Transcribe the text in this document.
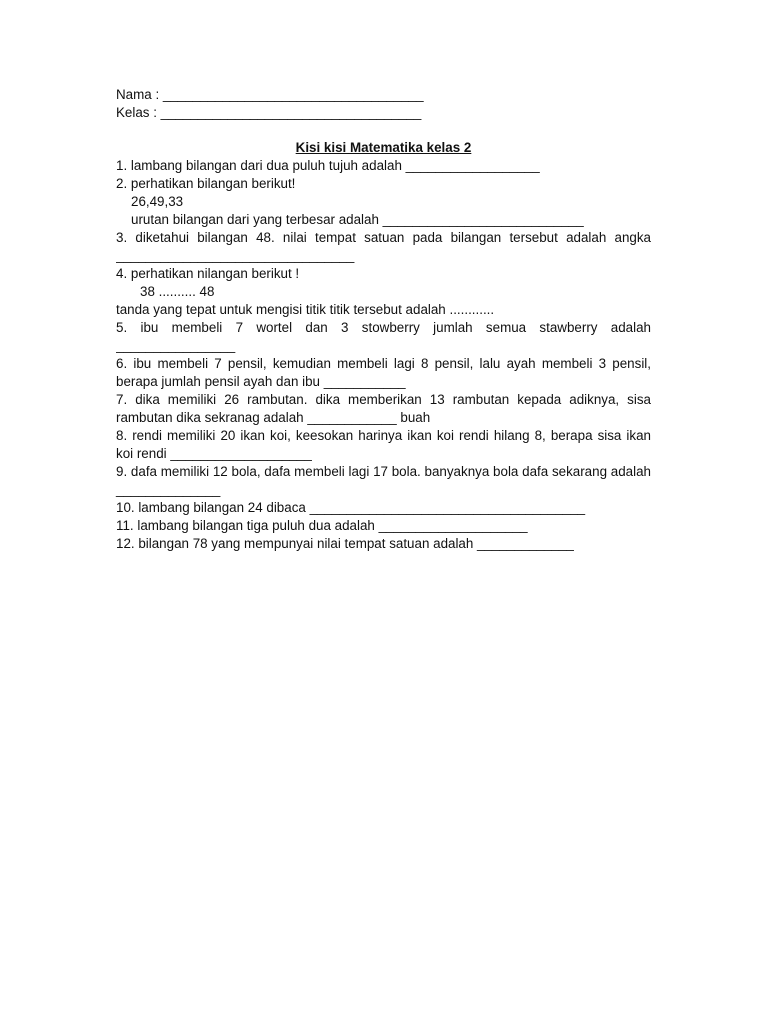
Nama : ___________________________________
Kelas : ___________________________________
Kisi kisi Matematika kelas 2
1. lambang bilangan dari dua puluh tujuh adalah __________________
2. perhatikan bilangan berikut!
26,49,33
urutan bilangan dari yang terbesar adalah ___________________________
3. diketahui bilangan 48. nilai tempat satuan pada bilangan tersebut adalah angka
________________________________
4. perhatikan nilangan berikut !
38 .......... 48
tanda yang tepat untuk mengisi titik titik tersebut adalah ............
5. ibu membeli 7 wortel dan 3 stowberry jumlah semua stawberry adalah
________________
6. ibu membeli 7 pensil, kemudian membeli lagi 8 pensil, lalu ayah membeli 3 pensil, berapa jumlah pensil ayah dan ibu ___________
7. dika memiliki 26 rambutan. dika memberikan 13 rambutan kepada adiknya, sisa rambutan dika sekranag adalah ____________ buah
8. rendi memiliki 20 ikan koi, keesokan harinya ikan koi rendi hilang 8, berapa sisa ikan koi rendi ___________________
9. dafa memiliki 12 bola, dafa membeli lagi 17 bola. banyaknya bola dafa sekarang adalah ______________
10. lambang bilangan 24 dibaca _____________________________________
11. lambang bilangan tiga puluh dua adalah ____________________
12. bilangan 78 yang mempunyai nilai tempat satuan adalah _____________
